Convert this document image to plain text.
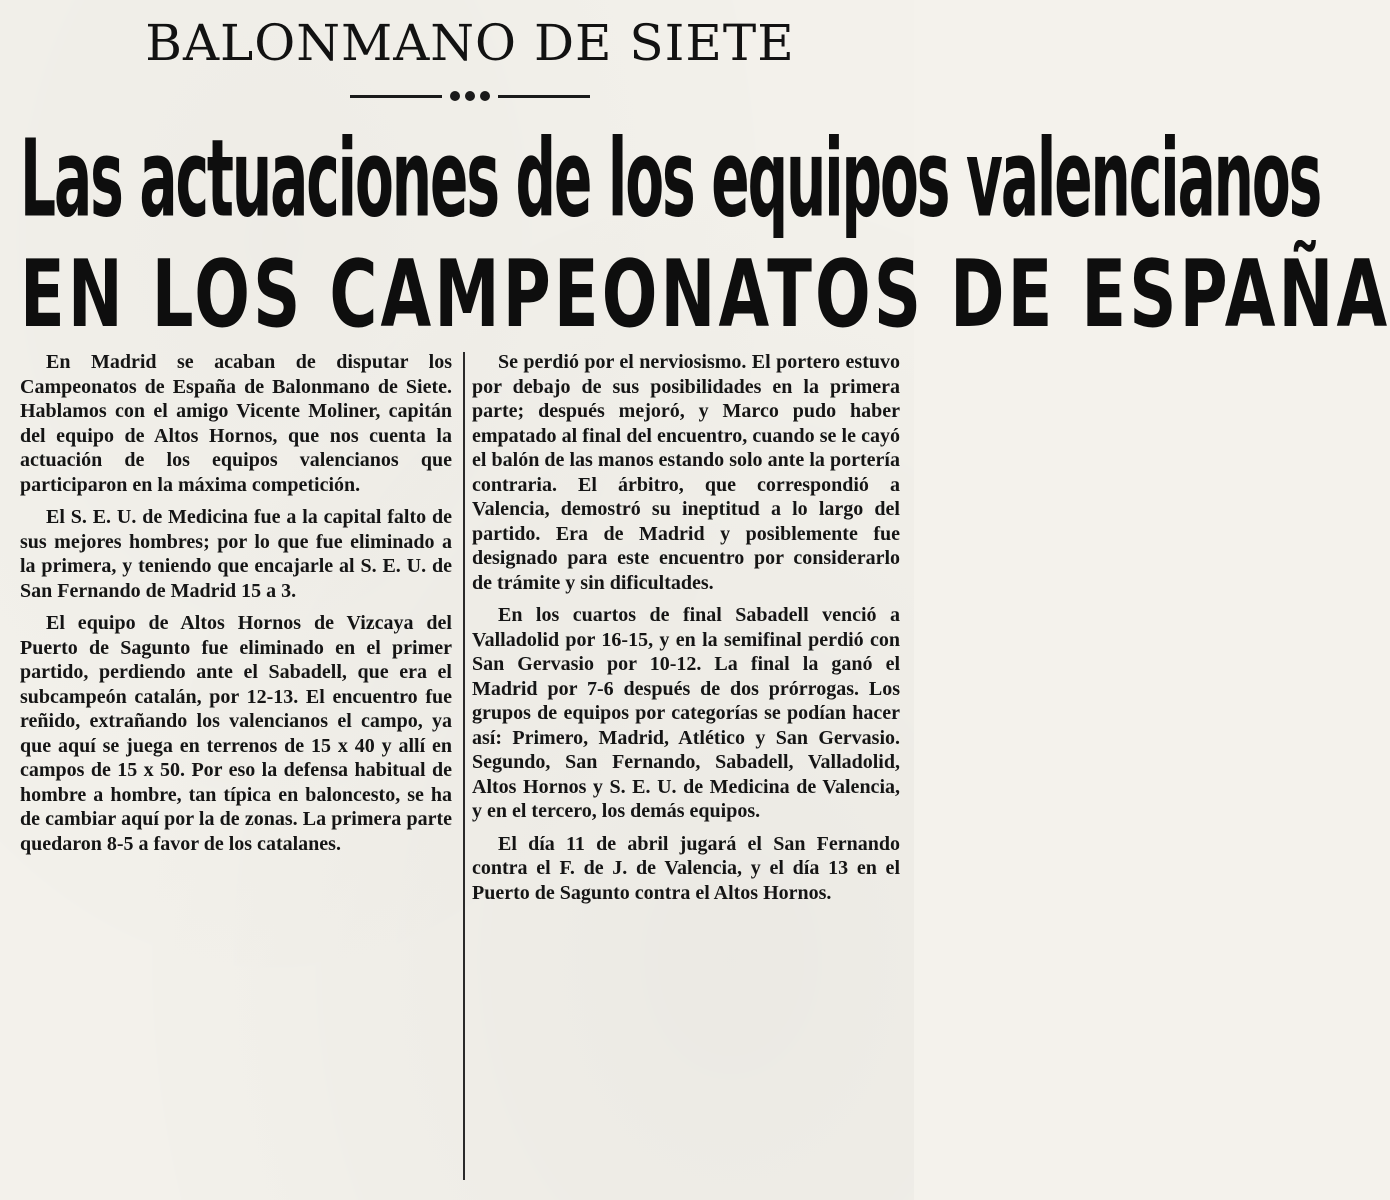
BALONMANO DE SIETE
Las actuaciones de los equipos valencianos
EN LOS CAMPEONATOS DE ESPAÑA

En Madrid se acaban de disputar los Campeonatos de España de Balonmano de Siete. Hablamos con el amigo Vicente Moliner, capitán del equipo de Altos Hornos, que nos cuenta la actuación de los equipos valencianos que participaron en la máxima competición.

El S. E. U. de Medicina fue a la capital falto de sus mejores hombres; por lo que fue eliminado a la primera, y teniendo que encajarle al S. E. U. de San Fernando de Madrid 15 a 3.

El equipo de Altos Hornos de Vizcaya del Puerto de Sagunto fue eliminado en el primer partido, perdiendo ante el Sabadell, que era el subcampeón catalán, por 12-13. El encuentro fue reñido, extrañando los valencianos el campo, ya que aquí se juega en terrenos de 15 x 40 y allí en campos de 15 x 50. Por eso la defensa habitual de hombre a hombre, tan típica en baloncesto, se ha de cambiar aquí por la de zonas. La primera parte quedaron 8-5 a favor de los catalanes.

Se perdió por el nerviosismo. El portero estuvo por debajo de sus posibilidades en la primera parte; después mejoró, y Marco pudo haber empatado al final del encuentro, cuando se le cayó el balón de las manos estando solo ante la portería contraria. El árbitro, que correspondió a Valencia, demostró su ineptitud a lo largo del partido. Era de Madrid y posiblemente fue designado para este encuentro por considerarlo de trámite y sin dificultades.

En los cuartos de final Sabadell venció a Valladolid por 16-15, y en la semifinal perdió con San Gervasio por 10-12. La final la ganó el Madrid por 7-6 después de dos prórrogas. Los grupos de equipos por categorías se podían hacer así: Primero, Madrid, Atlético y San Gervasio. Segundo, San Fernando, Sabadell, Valladolid, Altos Hornos y S. E. U. de Medicina de Valencia, y en el tercero, los demás equipos.

El día 11 de abril jugará el San Fernando contra el F. de J. de Valencia, y el día 13 en el Puerto de Sagunto contra el Altos Hornos.
